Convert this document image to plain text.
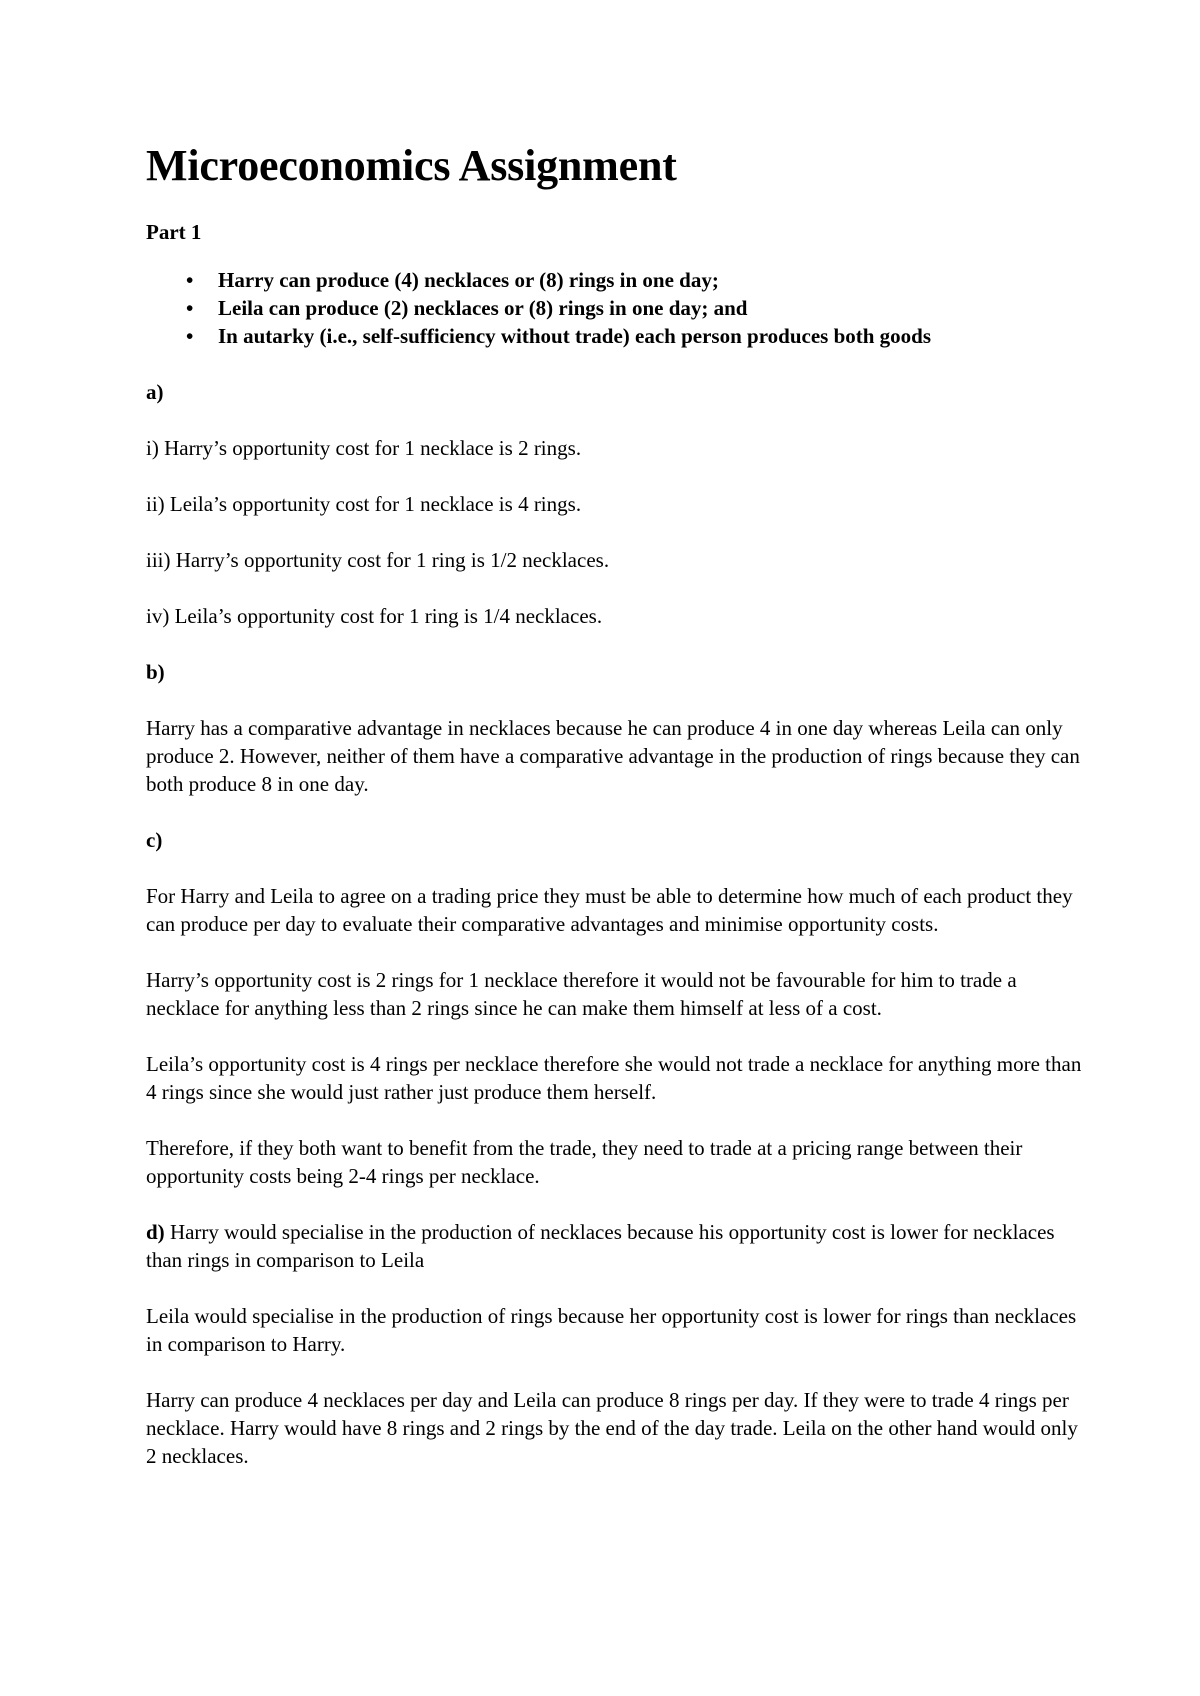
Microeconomics Assignment
Part 1
• Harry can produce (4) necklaces or (8) rings in one day;
• Leila can produce (2) necklaces or (8) rings in one day; and
• In autarky (i.e., self-sufficiency without trade) each person produces both goods
a)

i) Harry’s opportunity cost for 1 necklace is 2 rings.

ii) Leila’s opportunity cost for 1 necklace is 4 rings.

iii) Harry’s opportunity cost for 1 ring is 1/2 necklaces.

iv) Leila’s opportunity cost for 1 ring is 1/4 necklaces.

b)

Harry has a comparative advantage in necklaces because he can produce 4 in one day whereas Leila can only produce 2. However, neither of them have a comparative advantage in the production of rings because they can both produce 8 in one day.

c)

For Harry and Leila to agree on a trading price they must be able to determine how much of each product they can produce per day to evaluate their comparative advantages and minimise opportunity costs.

Harry’s opportunity cost is 2 rings for 1 necklace therefore it would not be favourable for him to trade a necklace for anything less than 2 rings since he can make them himself at less of a cost.

Leila’s opportunity cost is 4 rings per necklace therefore she would not trade a necklace for anything more than 4 rings since she would just rather just produce them herself.

Therefore, if they both want to benefit from the trade, they need to trade at a pricing range between their opportunity costs being 2-4 rings per necklace.

d) Harry would specialise in the production of necklaces because his opportunity cost is lower for necklaces than rings in comparison to Leila

Leila would specialise in the production of rings because her opportunity cost is lower for rings than necklaces in comparison to Harry.

Harry can produce 4 necklaces per day and Leila can produce 8 rings per day. If they were to trade 4 rings per necklace. Harry would have 8 rings and 2 rings by the end of the day trade. Leila on the other hand would only 2 necklaces.
